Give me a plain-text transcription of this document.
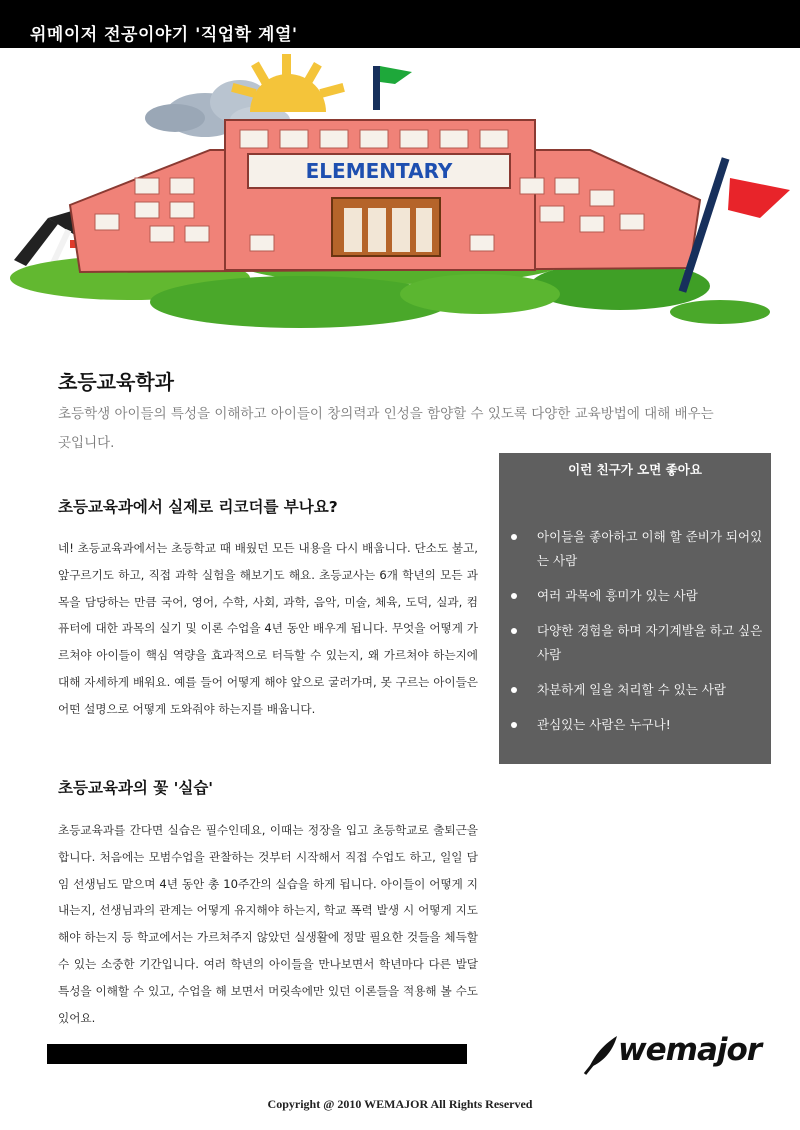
위메이저 전공이야기 '직업학 계열'
ELEMENTARY
초등교육학과
초등학생 아이들의 특성을 이해하고 아이들이 창의력과 인성을 함양할 수 있도록 다양한 교육방법에 대해 배우는 곳입니다.
초등교육과에서 실제로 리코더를 부나요?
네! 초등교육과에서는 초등학교 때 배웠던 모든 내용을 다시 배웁니다. 단소도 불고, 앞구르기도 하고, 직접 과학 실험을 해보기도 해요. 초등교사는 6개 학년의 모든 과목을 담당하는 만큼 국어, 영어, 수학, 사회, 과학, 음악, 미술, 체육, 도덕, 실과, 컴퓨터에 대한 과목의 실기 및 이론 수업을 4년 동안 배우게 됩니다. 무엇을 어떻게 가르쳐야 아이들이 핵심 역량을 효과적으로 터득할 수 있는지, 왜 가르쳐야 하는지에 대해 자세하게 배워요. 예를 들어 어떻게 해야 앞으로 굴러가며, 못 구르는 아이들은 어떤 설명으로 어떻게 도와줘야 하는지를 배웁니다.
초등교육과의 꽃 '실습'
초등교육과를 간다면 실습은 필수인데요, 이때는 정장을 입고 초등학교로 출퇴근을 합니다. 처음에는 모범수업을 관찰하는 것부터 시작해서 직접 수업도 하고, 일일 담임 선생님도 맡으며 4년 동안 총 10주간의 실습을 하게 됩니다. 아이들이 어떻게 지내는지, 선생님과의 관계는 어떻게 유지해야 하는지, 학교 폭력 발생 시 어떻게 지도해야 하는지 등 학교에서는 가르쳐주지 않았던 실생활에 정말 필요한 것들을 체득할 수 있는 소중한 기간입니다. 여러 학년의 아이들을 만나보면서 학년마다 다른 발달 특성을 이해할 수 있고, 수업을 해 보면서 머릿속에만 있던 이론들을 적용해 볼 수도 있어요.
이런 친구가 오면 좋아요
아이들을 좋아하고 이해 할 준비가 되어있는 사람
여러 과목에 흥미가 있는 사람
다양한 경험을 하며 자기계발을 하고 싶은 사람
차분하게 일을 처리할 수 있는 사람
관심있는 사람은 누구나!
wemajor
Copyright @ 2010 WEMAJOR All Rights Reserved
